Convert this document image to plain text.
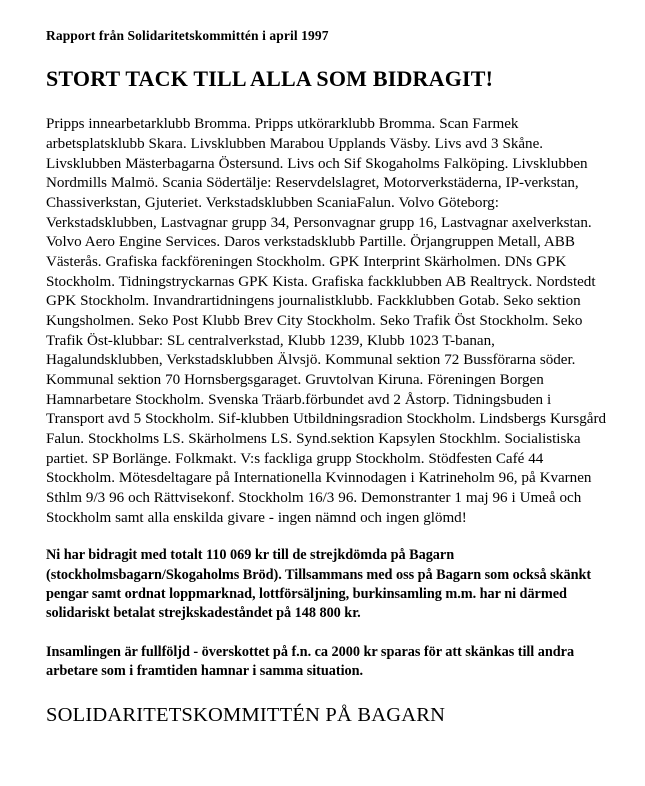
Rapport från Solidaritetskommittén i april 1997

STORT TACK TILL ALLA SOM BIDRAGIT!

Pripps innearbetarklubb Bromma. Pripps utkörarklubb Bromma. Scan Farmek arbetsplatsklubb Skara. Livsklubben Marabou Upplands Väsby. Livs avd 3 Skåne. Livsklubben Mästerbagarna Östersund. Livs och Sif Skogaholms Falköping. Livsklubben Nordmills Malmö. Scania Södertälje: Reservdelslagret, Motorverkstäderna, IP-verkstan, Chassiverkstan, Gjuteriet. Verkstadsklubben ScaniaFalun. Volvo Göteborg: Verkstadsklubben, Lastvagnar grupp 34, Personvagnar grupp 16, Lastvagnar axelverkstan. Volvo Aero Engine Services. Daros verkstadsklubb Partille. Örjangruppen Metall, ABB Västerås. Grafiska fackföreningen Stockholm. GPK Interprint Skärholmen. DNs GPK Stockholm. Tidningstryckarnas GPK Kista. Grafiska fackklubben AB Realtryck. Nordstedt GPK Stockholm. Invandrartidningens journalistklubb. Fackklubben Gotab. Seko sektion Kungsholmen. Seko Post Klubb Brev City Stockholm. Seko Trafik Öst Stockholm. Seko Trafik Öst-klubbar: SL centralverkstad, Klubb 1239, Klubb 1023 T-banan, Hagalundsklubben, Verkstadsklubben Älvsjö. Kommunal sektion 72 Bussförarna söder. Kommunal sektion 70 Hornsbergsgaraget. Gruvtolvan Kiruna. Föreningen Borgen Hamnarbetare Stockholm. Svenska Träarb.förbundet avd 2 Åstorp. Tidningsbuden i Transport avd 5 Stockholm. Sif-klubben Utbildningsradion Stockholm. Lindsbergs Kursgård Falun. Stockholms LS. Skärholmens LS. Synd.sektion Kapsylen Stockhlm. Socialistiska partiet. SP Borlänge. Folkmakt. V:s fackliga grupp Stockholm. Stödfesten Café 44 Stockholm. Mötesdeltagare på Internationella Kvinnodagen i Katrineholm 96, på Kvarnen Sthlm 9/3 96 och Rättvisekonf. Stockholm 16/3 96. Demonstranter 1 maj 96 i Umeå och Stockholm samt alla enskilda givare - ingen nämnd och ingen glömd!

Ni har bidragit med totalt 110 069 kr till de strejkdömda på Bagarn (stockholmsbagarn/Skogaholms Bröd). Tillsammans med oss på Bagarn som också skänkt pengar samt ordnat loppmarknad, lottförsäljning, burkinsamling m.m. har ni därmed solidariskt betalat strejkskadeståndet på 148 800 kr.

Insamlingen är fullföljd - överskottet på f.n. ca 2000 kr sparas för att skänkas till andra arbetare som i framtiden hamnar i samma situation.

SOLIDARITETSKOMMITTÉN PÅ BAGARN
